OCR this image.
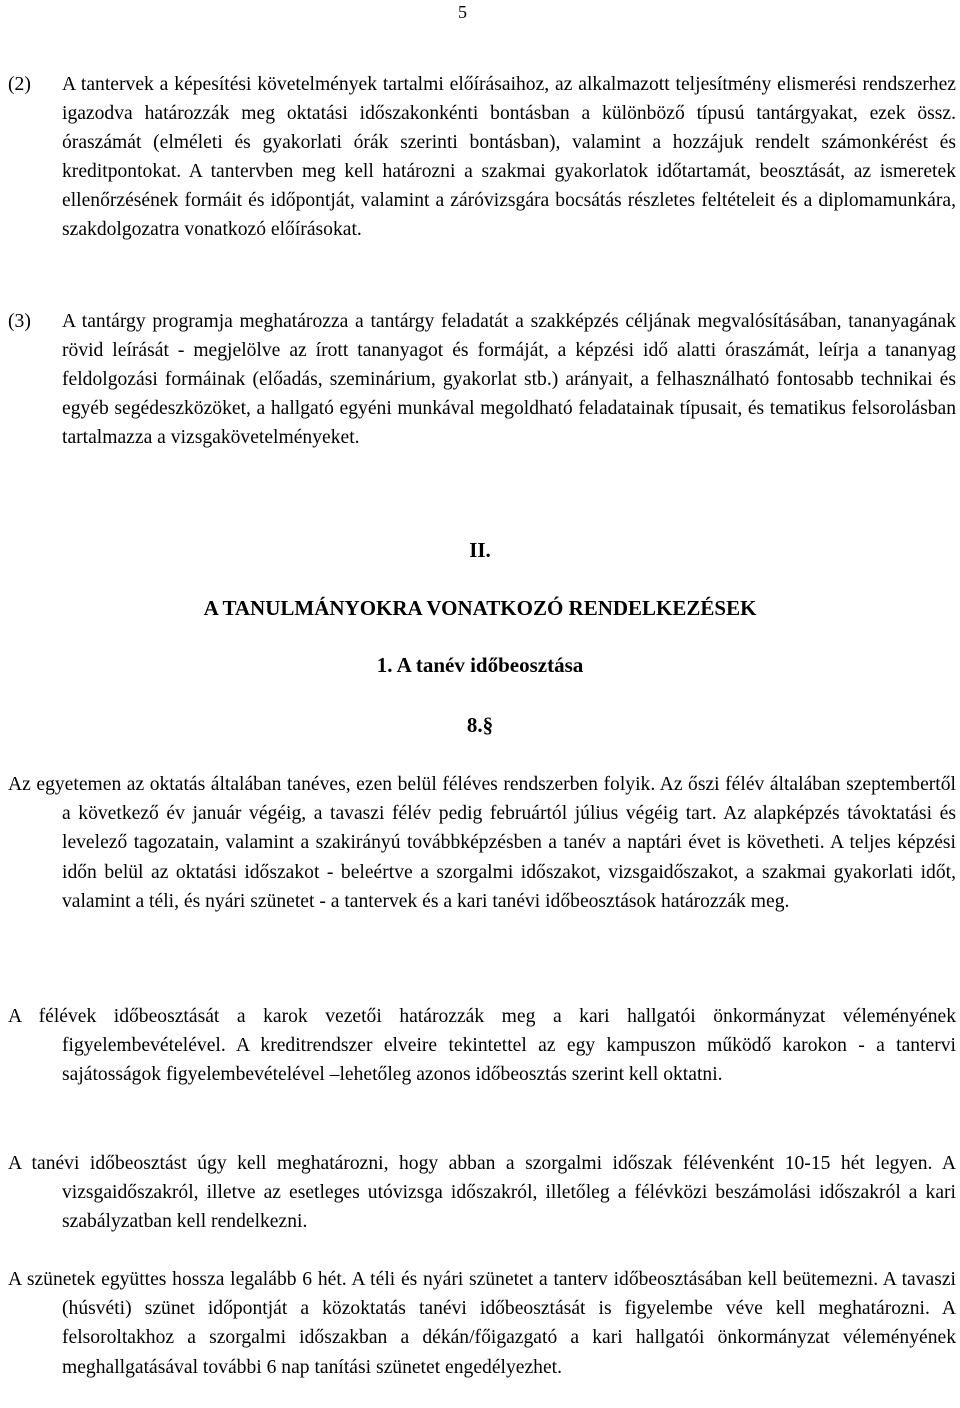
5
(2) A tantervek a képesítési követelmények tartalmi előírásaihoz, az alkalmazott teljesítmény elismerési rendszerhez igazodva határozzák meg oktatási időszakonkénti bontásban a különböző típusú tantárgyakat, ezek össz. óraszámát (elméleti és gyakorlati órák szerinti bontásban), valamint a hozzájuk rendelt számonkérést és kreditpontokat. A tantervben meg kell határozni a szakmai gyakorlatok időtartamát, beosztását, az ismeretek ellenőrzésének formáit és időpontját, valamint a záróvizsgára bocsátás részletes feltételeit és a diplomamunkára, szakdolgozatra vonatkozó előírásokat.
(3) A tantárgy programja meghatározza a tantárgy feladatát a szakképzés céljának megvalósításában, tananyagának rövid leírását - megjelölve az írott tananyagot és formáját, a képzési idő alatti óraszámát, leírja a tananyag feldolgozási formáinak (előadás, szeminárium, gyakorlat stb.) arányait, a felhasználható fontosabb technikai és egyéb segédeszközöket, a hallgató egyéni munkával megoldható feladatainak típusait, és tematikus felsorolásban tartalmazza a vizsgakövetelményeket.
II.
A TANULMÁNYOKRA VONATKOZÓ RENDELKEZÉSEK
1. A tanév időbeosztása
8.§
Az egyetemen az oktatás általában tanéves, ezen belül féléves rendszerben folyik. Az őszi félév általában szeptembertől a következő év január végéig, a tavaszi félév pedig februártól július végéig tart. Az alapképzés távoktatási és levelező tagozatain, valamint a szakirányú továbbképzésben a tanév a naptári évet is követheti. A teljes képzési időn belül az oktatási időszakot - beleértve a szorgalmi időszakot, vizsgaidőszakot, a szakmai gyakorlati időt, valamint a téli, és nyári szünetet - a tantervek és a kari tanévi időbeosztások határozzák meg.
A félévek időbeosztását a karok vezetői határozzák meg a kari hallgatói önkormányzat véleményének figyelembevételével. A kreditrendszer elveire tekintettel az egy kampuszon működő karokon - a tantervi sajátosságok figyelembevételével –lehetőleg azonos időbeosztás szerint kell oktatni.
A tanévi időbeosztást úgy kell meghatározni, hogy abban a szorgalmi időszak félévenként 10-15 hét legyen. A vizsgaidőszakról, illetve az esetleges utóvizsga időszakról, illetőleg a félévközi beszámolási időszakról a kari szabályzatban kell rendelkezni.
A szünetek együttes hossza legalább 6 hét. A téli és nyári szünetet a tanterv időbeosztásában kell beütemezni. A tavaszi (húsvéti) szünet időpontját a közoktatás tanévi időbeosztását is figyelembe véve kell meghatározni. A felsoroltakhoz a szorgalmi időszakban a dékán/főigazgató a kari hallgatói önkormányzat véleményének meghallgatásával további 6 nap tanítási szünetet engedélyezhet.
